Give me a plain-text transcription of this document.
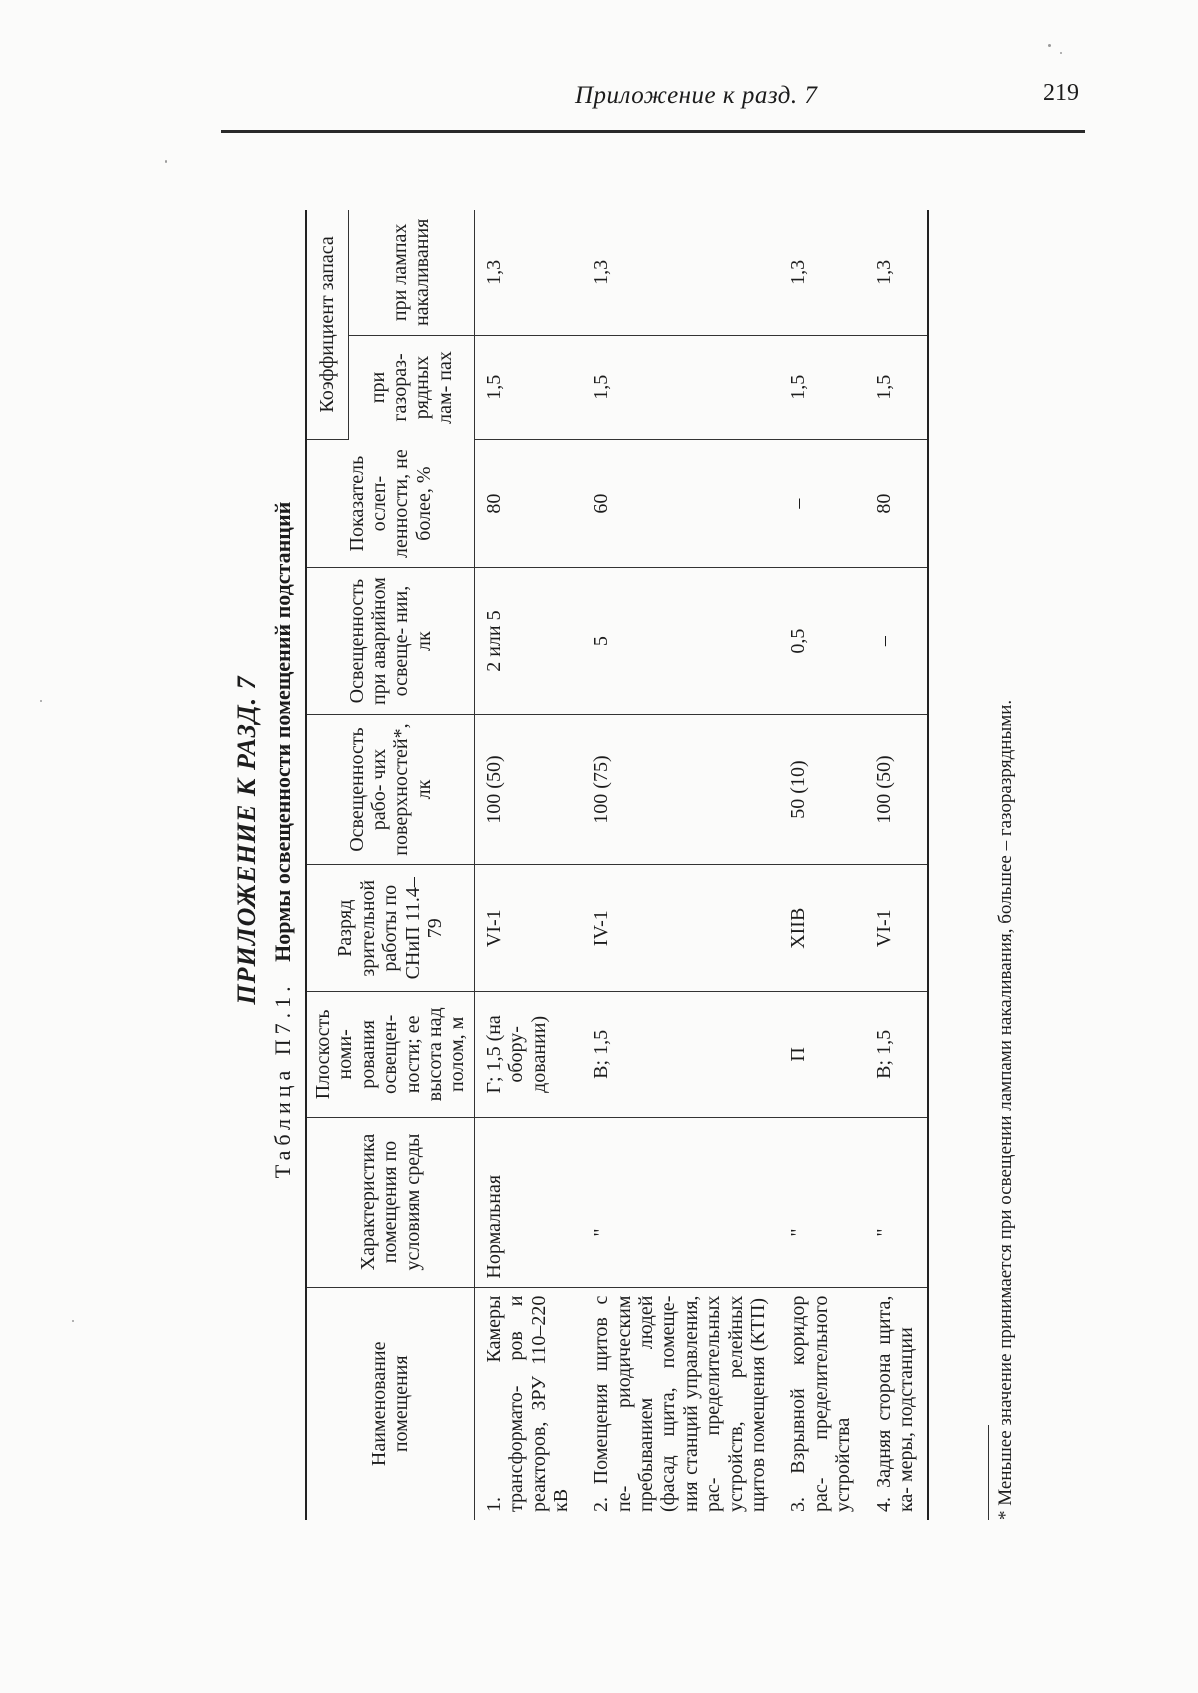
Приложение к разд. 7	219
ПРИЛОЖЕНИЕ К РАЗД. 7
Таблица П7.1. Нормы освещенности помещений подстанций
Наименование помещения	Характеристика помещения по условиям среды	Плоскость номи- рования освещен- ности; ее высота над полом, м	Разряд зрительной работы по СНиП 11.4–79	Освещенность рабо- чих поверхностей*, лк	Освещенность при аварийном освеще- нии, лк	Показатель ослеп- ленности, не более, %	Коэффициент запаса	
							при газораз- рядных лам- пах	при лампах накаливания
1. Камеры трансформато- ров и реакторов, ЗРУ 110–220 кВ	Нормальная	Г; 1,5 (на обору- довании)	VI-1	100 (50)	2 или 5	80	1,5	1,3
2. Помещения щитов с пе- риодическим пребыванием людей (фасад щита, помеще- ния станций управления, рас- пределительных устройств, релейных щитов помещения (КТП)	"	В; 1,5	IV-1	100 (75)	5	60	1,5	1,3
3. Взрывной коридор рас- пределительного устройства	"	П	XIIВ	50 (10)	0,5	–	1,5	1,3
4. Задняя сторона щита, ка- меры, подстанции	"	В; 1,5	VI-1	100 (50)	–	80	1,5	1,3
* Меньшее значение принимается при освещении лампами накаливания, большее – газоразрядными.
